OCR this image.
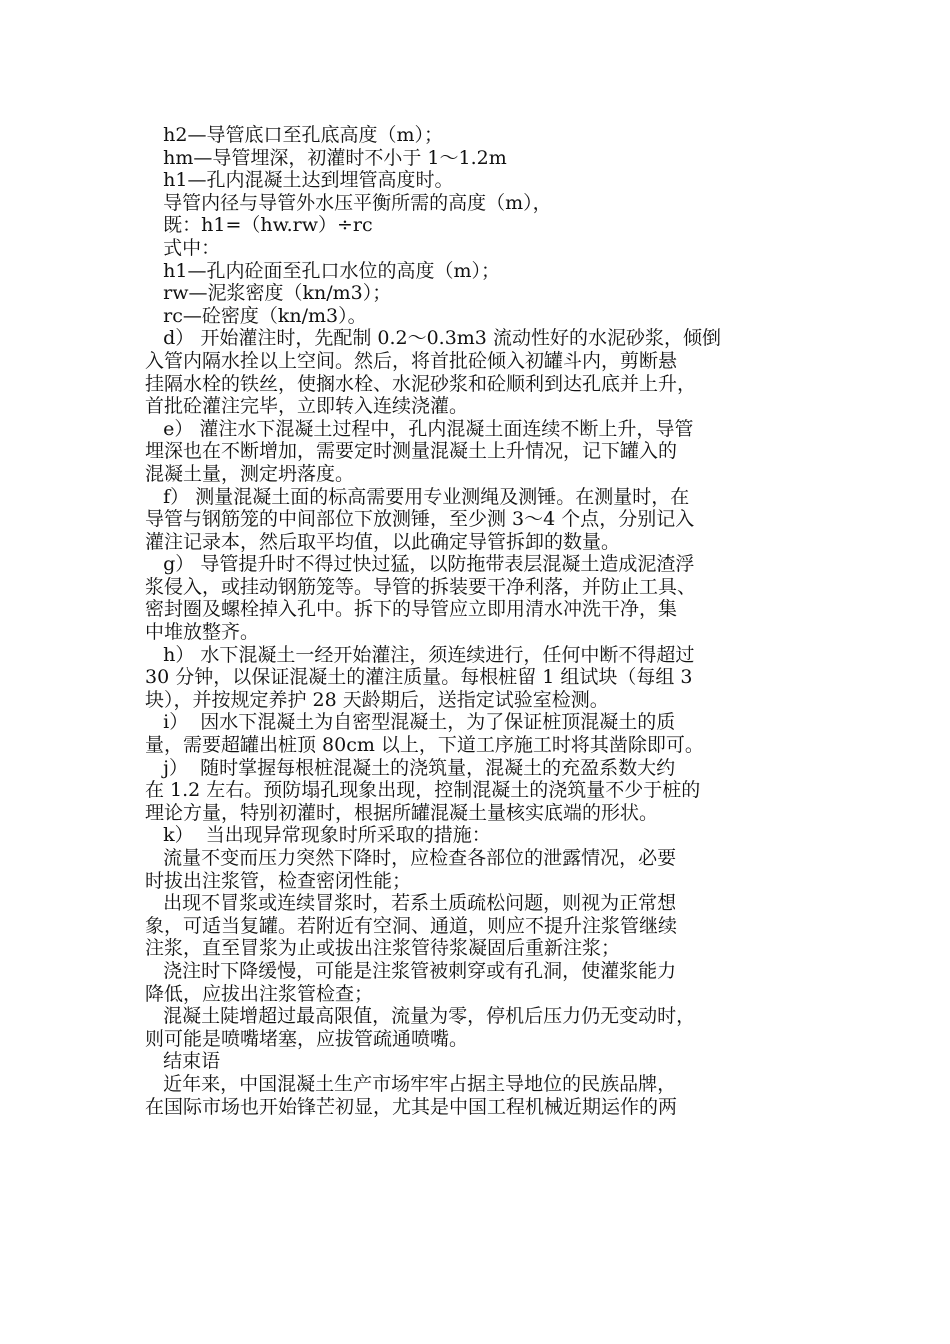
h2—导管底口至孔底高度（m）；
hm—导管埋深，初灌时不小于 1～1.2m
h1—孔内混凝土达到埋管高度时。
导管内径与导管外水压平衡所需的高度（m），
既：h1=（hw.rw）÷rc
式中：
h1—孔内砼面至孔口水位的高度（m）；
rw—泥浆密度（kn/m3）；
rc—砼密度（kn/m3）。
d） 开始灌注时，先配制 0.2～0.3m3 流动性好的水泥砂浆，倾倒
入管内隔水拴以上空间。然后，将首批砼倾入初罐斗内，剪断悬
挂隔水栓的铁丝，使搁水栓、水泥砂浆和砼顺利到达孔底并上升，
首批砼灌注完毕，立即转入连续浇灌。
e） 灌注水下混凝土过程中，孔内混凝土面连续不断上升，导管
埋深也在不断增加，需要定时测量混凝土上升情况，记下罐入的
混凝土量，测定坍落度。
f） 测量混凝土面的标高需要用专业测绳及测锤。在测量时，在
导管与钢筋笼的中间部位下放测锤，至少测 3～4 个点，分别记入
灌注记录本，然后取平均值，以此确定导管拆卸的数量。
g） 导管提升时不得过快过猛，以防拖带表层混凝土造成泥渣浮
浆侵入，或挂动钢筋笼等。导管的拆装要干净利落，并防止工具、
密封圈及螺栓掉入孔中。拆下的导管应立即用清水冲洗干净，集
中堆放整齐。
h） 水下混凝土一经开始灌注，须连续进行，任何中断不得超过
30 分钟，以保证混凝土的灌注质量。每根桩留 1 组试块（每组 3
块），并按规定养护 28 天龄期后，送指定试验室检测。
i）  因水下混凝土为自密型混凝土，为了保证桩顶混凝土的质
量，需要超罐出桩顶 80cm 以上，下道工序施工时将其凿除即可。
j）  随时掌握每根桩混凝土的浇筑量，混凝土的充盈系数大约
在 1.2 左右。预防塌孔现象出现，控制混凝土的浇筑量不少于桩的
理论方量，特别初灌时，根据所罐混凝土量核实底端的形状。
k）  当出现异常现象时所采取的措施：
流量不变而压力突然下降时，应检查各部位的泄露情况，必要
时拔出注浆管，检查密闭性能；
出现不冒浆或连续冒浆时，若系土质疏松问题，则视为正常想
象，可适当复罐。若附近有空洞、通道，则应不提升注浆管继续
注浆，直至冒浆为止或拔出注浆管待浆凝固后重新注浆；
浇注时下降缓慢，可能是注浆管被刺穿或有孔洞，使灌浆能力
降低，应拔出注浆管检查；
混凝土陡增超过最高限值，流量为零，停机后压力仍无变动时，
则可能是喷嘴堵塞，应拔管疏通喷嘴。
结束语
近年来，中国混凝土生产市场牢牢占据主导地位的民族品牌，
在国际市场也开始锋芒初显，尤其是中国工程机械近期运作的两
